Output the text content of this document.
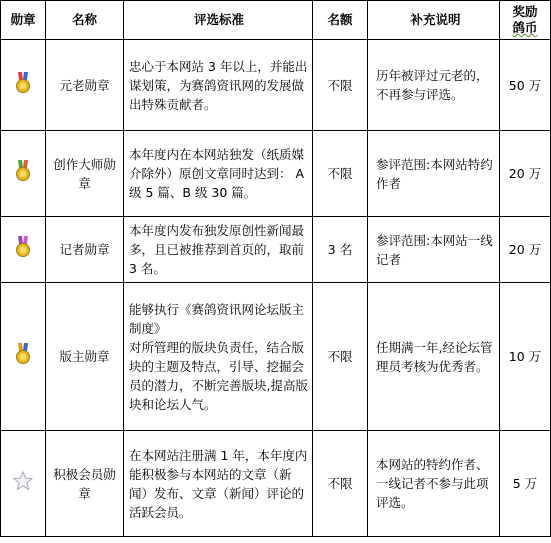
勋章	名称	评选标准	名额	补充说明	奖励
鸽币
	元老勋章	忠心于本网站 3 年以上，并能出谋划策，为赛鸽资讯网的发展做出特殊贡献者。	不限	历年被评过元老的，不再参与评选。	50 万
	创作大师勋章	本年度内在本网站独发（纸质媒介除外）原创文章同时达到： A级 5 篇、B 级 30 篇。	不限	参评范围:本网站特约作者	20 万
	记者勋章	本年度内发布独发原创性新闻最多，且已被推荐到首页的，取前 3 名。	3 名	参评范围:本网站一线记者	20 万
	版主勋章	能够执行《赛鸽资讯网论坛版主制度》
对所管理的版块负责任，结合版块的主题及特点，引导、挖掘会员的潜力，不断完善版块,提高版块和论坛人气。	不限	任期满一年,经论坛管理员考核为优秀者。	10 万
	积极会员勋章	在本网站注册满 1 年，本年度内能积极参与本网站的文章（新闻）发布、文章（新闻）评论的活跃会员。	不限	本网站的特约作者、一线记者不参与此项评选。	5 万
